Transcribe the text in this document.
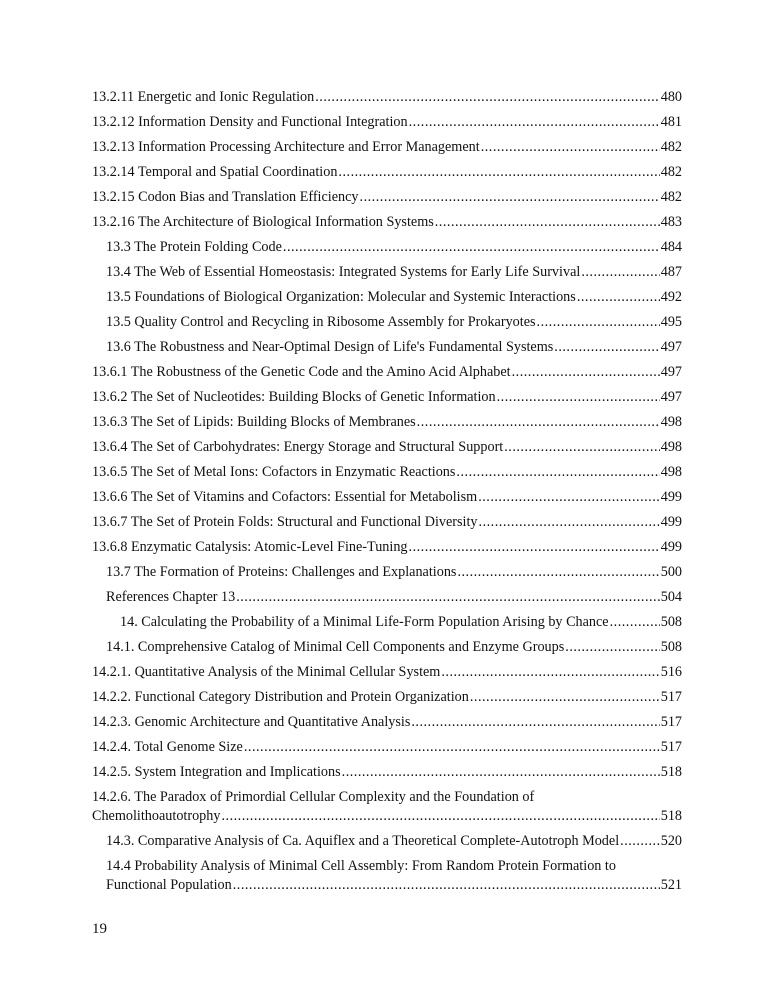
13.2.11 Energetic and Ionic Regulation .....	480
13.2.12 Information Density and Functional Integration .....	481
13.2.13 Information Processing Architecture and Error Management .....	482
13.2.14 Temporal and Spatial Coordination .....	482
13.2.15 Codon Bias and Translation Efficiency .....	482
13.2.16 The Architecture of Biological Information Systems .....	483
13.3 The Protein Folding Code .....	484
13.4 The Web of Essential Homeostasis: Integrated Systems for Early Life Survival .....	487
13.5 Foundations of Biological Organization: Molecular and Systemic Interactions .....	492
13.5 Quality Control and Recycling in Ribosome Assembly for Prokaryotes .....	495
13.6 The Robustness and Near-Optimal Design of Life's Fundamental Systems .....	497
13.6.1 The Robustness of the Genetic Code and the Amino Acid Alphabet .....	497
13.6.2 The Set of Nucleotides: Building Blocks of Genetic Information .....	497
13.6.3 The Set of Lipids: Building Blocks of Membranes .....	498
13.6.4 The Set of Carbohydrates: Energy Storage and Structural Support .....	498
13.6.5 The Set of Metal Ions: Cofactors in Enzymatic Reactions .....	498
13.6.6 The Set of Vitamins and Cofactors: Essential for Metabolism .....	499
13.6.7 The Set of Protein Folds: Structural and Functional Diversity .....	499
13.6.8 Enzymatic Catalysis: Atomic-Level Fine-Tuning .....	499
13.7 The Formation of Proteins: Challenges and Explanations .....	500
References Chapter 13 .....	504
14. Calculating the Probability of a Minimal Life-Form Population Arising by Chance .....	508
14.1. Comprehensive Catalog of Minimal Cell Components and Enzyme Groups .....	508
14.2.1. Quantitative Analysis of the Minimal Cellular System .....	516
14.2.2. Functional Category Distribution and Protein Organization .....	517
14.2.3. Genomic Architecture and Quantitative Analysis .....	517
14.2.4. Total Genome Size .....	517
14.2.5. System Integration and Implications .....	518
14.2.6. The Paradox of Primordial Cellular Complexity and the Foundation of
Chemolithoautotrophy .....	518
14.3. Comparative Analysis of Ca. Aquiflex and a Theoretical Complete-Autotroph Model .....	520
14.4 Probability Analysis of Minimal Cell Assembly: From Random Protein Formation to
Functional Population .....	521
19
